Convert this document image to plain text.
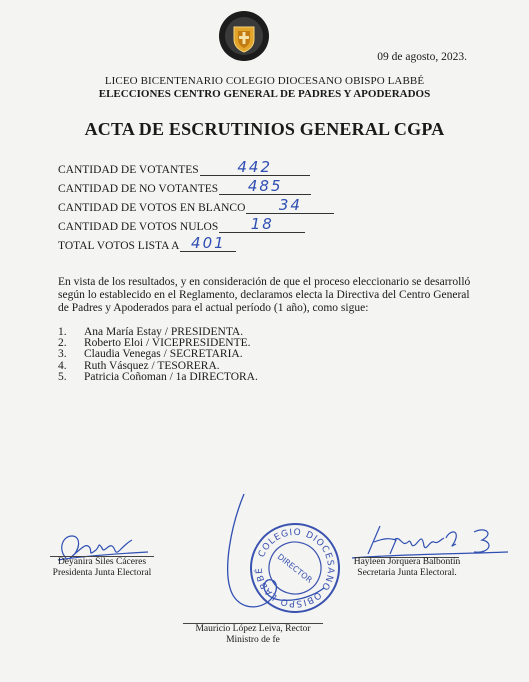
09 de agosto, 2023.
LICEO BICENTENARIO COLEGIO DIOCESANO OBISPO LABBÉ
ELECCIONES CENTRO GENERAL DE PADRES Y APODERADOS
ACTA DE ESCRUTINIOS GENERAL CGPA
CANTIDAD DE VOTANTES	442
CANTIDAD DE NO VOTANTES	485
CANTIDAD DE VOTOS EN BLANCO	34
CANTIDAD DE VOTOS NULOS	18
TOTAL VOTOS LISTA A 401
En vista de los resultados, y en consideración de que el proceso eleccionario se desarrolló según lo establecido en el Reglamento, declaramos electa la Directiva del Centro General de Padres y Apoderados para el actual período (1 año), como sigue:
1.	Ana María Estay / PRESIDENTA.
2.	Roberto Eloi / VICEPRESIDENTE.
3.	Claudia Venegas / SECRETARIA.
4.	Ruth Vásquez / TESORERA.
5.	Patricia Coñoman / 1a DIRECTORA.
Deyanira Siles Cáceres
Presidenta Junta Electoral
Hayleen Jorquera Balbontin
Secretaria Junta Electoral.
COLEGIO DIOCESANO OBISPO LABBÉ	DIRECTOR
Mauricio López Leiva, Rector
Ministro de fe
